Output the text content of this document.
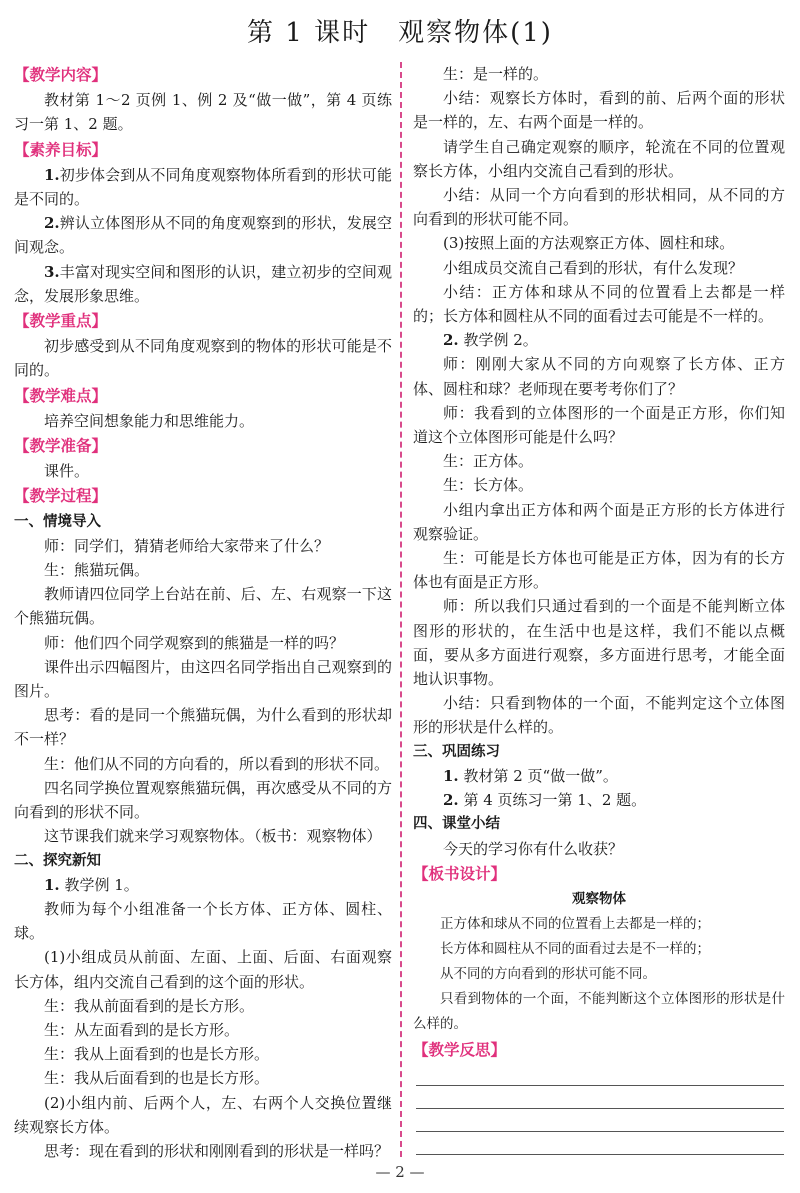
第 1 课时　观察物体(1)

【教学内容】

教材第 1～2 页例 1、例 2 及“做一做”，第 4 页练习一第 1、2 题。

【素养目标】

1.初步体会到从不同角度观察物体所看到的形状可能是不同的。

2.辨认立体图形从不同的角度观察到的形状，发展空间观念。

3.丰富对现实空间和图形的认识，建立初步的空间观念，发展形象思维。

【教学重点】

初步感受到从不同角度观察到的物体的形状可能是不同的。

【教学难点】

培养空间想象能力和思维能力。

【教学准备】

课件。

【教学过程】

一、情境导入

师：同学们，猜猜老师给大家带来了什么？

生：熊猫玩偶。

教师请四位同学上台站在前、后、左、右观察一下这个熊猫玩偶。

师：他们四个同学观察到的熊猫是一样的吗？

课件出示四幅图片，由这四名同学指出自己观察到的图片。

思考：看的是同一个熊猫玩偶，为什么看到的形状却不一样？

生：他们从不同的方向看的，所以看到的形状不同。

四名同学换位置观察熊猫玩偶，再次感受从不同的方向看到的形状不同。

这节课我们就来学习观察物体。（板书：观察物体）

二、探究新知

1. 教学例 1。

教师为每个小组准备一个长方体、正方体、圆柱、球。

(1)小组成员从前面、左面、上面、后面、右面观察长方体，组内交流自己看到的这个面的形状。

生：我从前面看到的是长方形。

生：从左面看到的是长方形。

生：我从上面看到的也是长方形。

生：我从后面看到的也是长方形。

(2)小组内前、后两个人，左、右两个人交换位置继续观察长方体。

思考：现在看到的形状和刚刚看到的形状是一样吗？

生：是一样的。

小结：观察长方体时，看到的前、后两个面的形状是一样的，左、右两个面是一样的。

请学生自己确定观察的顺序，轮流在不同的位置观察长方体，小组内交流自己看到的形状。

小结：从同一个方向看到的形状相同，从不同的方向看到的形状可能不同。

(3)按照上面的方法观察正方体、圆柱和球。

小组成员交流自己看到的形状，有什么发现？

小结：正方体和球从不同的位置看上去都是一样的；长方体和圆柱从不同的面看过去可能是不一样的。

2. 教学例 2。

师：刚刚大家从不同的方向观察了长方体、正方体、圆柱和球？老师现在要考考你们了？

师：我看到的立体图形的一个面是正方形，你们知道这个立体图形可能是什么吗？

生：正方体。

生：长方体。

小组内拿出正方体和两个面是正方形的长方体进行观察验证。

生：可能是长方体也可能是正方体，因为有的长方体也有面是正方形。

师：所以我们只通过看到的一个面是不能判断立体图形的形状的，在生活中也是这样，我们不能以点概面，要从多方面进行观察，多方面进行思考，才能全面地认识事物。

小结：只看到物体的一个面，不能判定这个立体图形的形状是什么样的。

三、巩固练习

1. 教材第 2 页“做一做”。

2. 第 4 页练习一第 1、2 题。

四、课堂小结

今天的学习你有什么收获？

【板书设计】

观察物体

正方体和球从不同的位置看上去都是一样的；

长方体和圆柱从不同的面看过去是不一样的；

从不同的方向看到的形状可能不同。

只看到物体的一个面，不能判断这个立体图形的形状是什么样的。

【教学反思】

— 2 —
